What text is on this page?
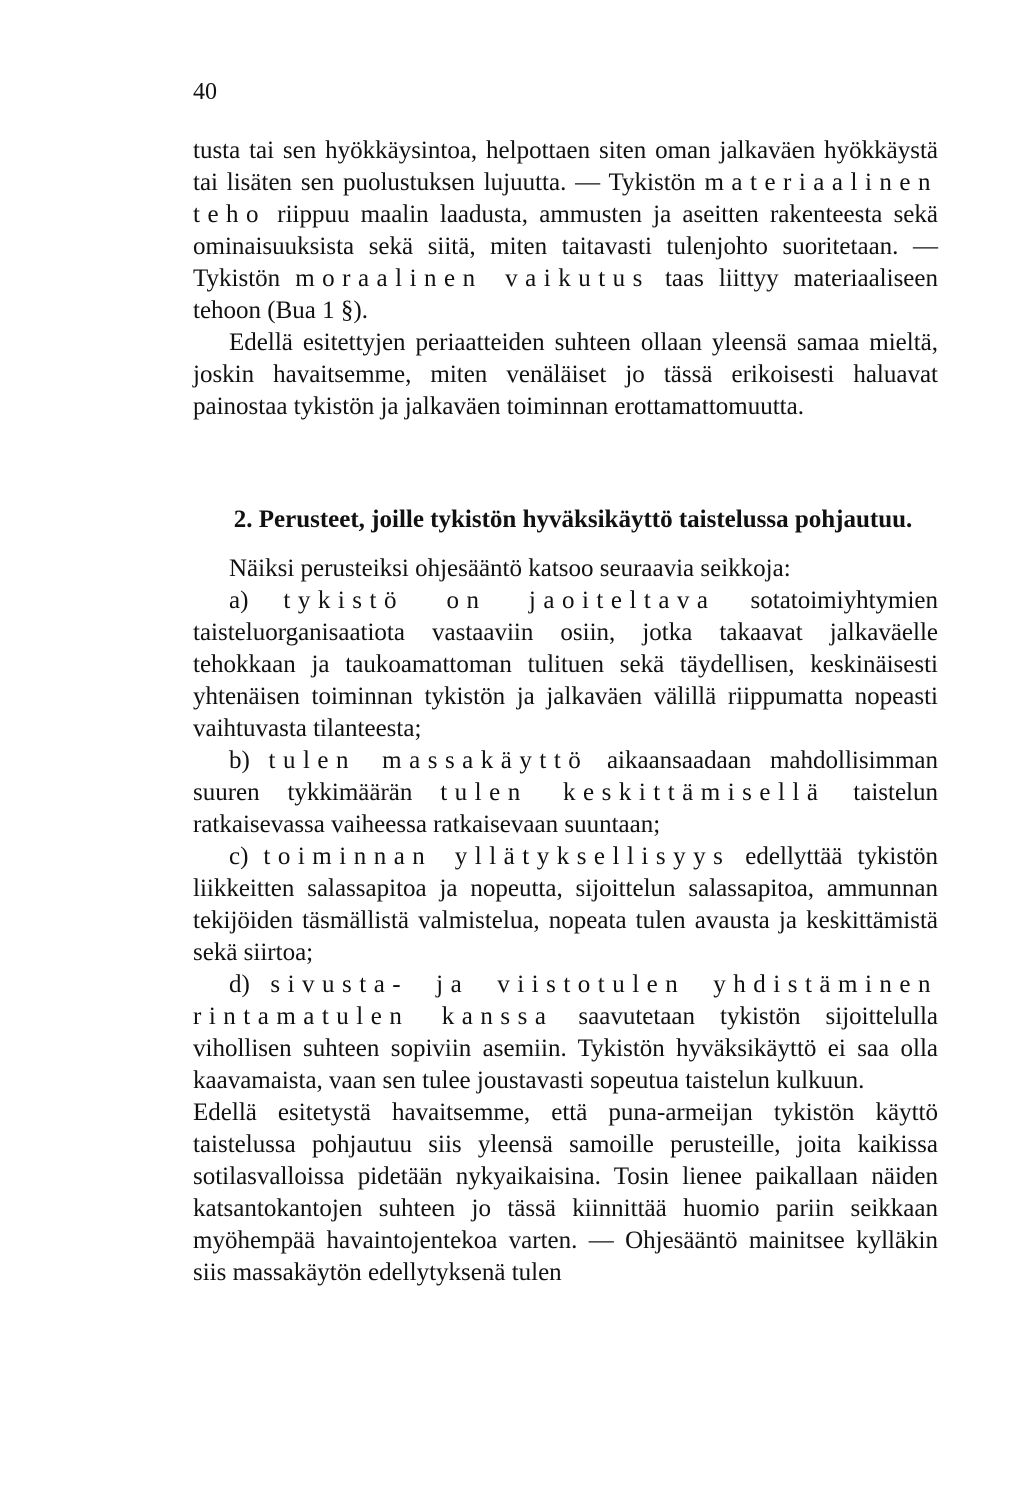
40

tusta tai sen hyökkäysintoa, helpottaen siten oman jalkaväen hyökkäystä tai lisäten sen puolustuksen lujuutta. — Tykistön materiaalinen teho riippuu maalin laadusta, ammusten ja aseitten rakenteesta sekä ominaisuuksista sekä siitä, miten taitavasti tulenjohto suoritetaan. — Tykistön moraalinen vaikutus taas liittyy materiaaliseen tehoon (Bua 1 §).

Edellä esitettyjen periaatteiden suhteen ollaan yleensä samaa mieltä, joskin havaitsemme, miten venäläiset jo tässä erikoisesti haluavat painostaa tykistön ja jalkaväen toiminnan erottamattomuutta.

2. Perusteet, joille tykistön hyväksikäyttö taistelussa pohjautuu.

Näiksi perusteiksi ohjesääntö katsoo seuraavia seikkoja:

a) tykistö on jaoiteltava sotatoimiyhtymien taisteluorganisaatiota vastaaviin osiin, jotka takaavat jalkaväelle tehokkaan ja taukoamattoman tulituen sekä täydellisen, keskinäisesti yhtenäisen toiminnan tykistön ja jalkaväen välillä riippumatta nopeasti vaihtuvasta tilanteesta;

b) tulen massakäyttö aikaansaadaan mahdollisimman suuren tykkimäärän tulen keskittämisellä taistelun ratkaisevassa vaiheessa ratkaisevaan suuntaan;

c) toiminnan yllätyksellisyys edellyttää tykistön liikkeitten salassapitoa ja nopeutta, sijoittelun salassapitoa, ammunnan tekijöiden täsmällistä valmistelua, nopeata tulen avausta ja keskittämistä sekä siirtoa;

d) sivusta- ja viistotulen yhdistäminen rintamatulen kanssa saavutetaan tykistön sijoittelulla vihollisen suhteen sopiviin asemiin. Tykistön hyväksikäyttö ei saa olla kaavamaista, vaan sen tulee joustavasti sopeutua taistelun kulkuun.

Edellä esitetystä havaitsemme, että puna-armeijan tykistön käyttö taistelussa pohjautuu siis yleensä samoille perusteille, joita kaikissa sotilasvalloissa pidetään nykyaikaisina. Tosin lienee paikallaan näiden katsantokantojen suhteen jo tässä kiinnittää huomio pariin seikkaan myöhempää havaintojentekoa varten. — Ohjesääntö mainitsee kylläkin siis massakäytön edellytyksenä tulen
